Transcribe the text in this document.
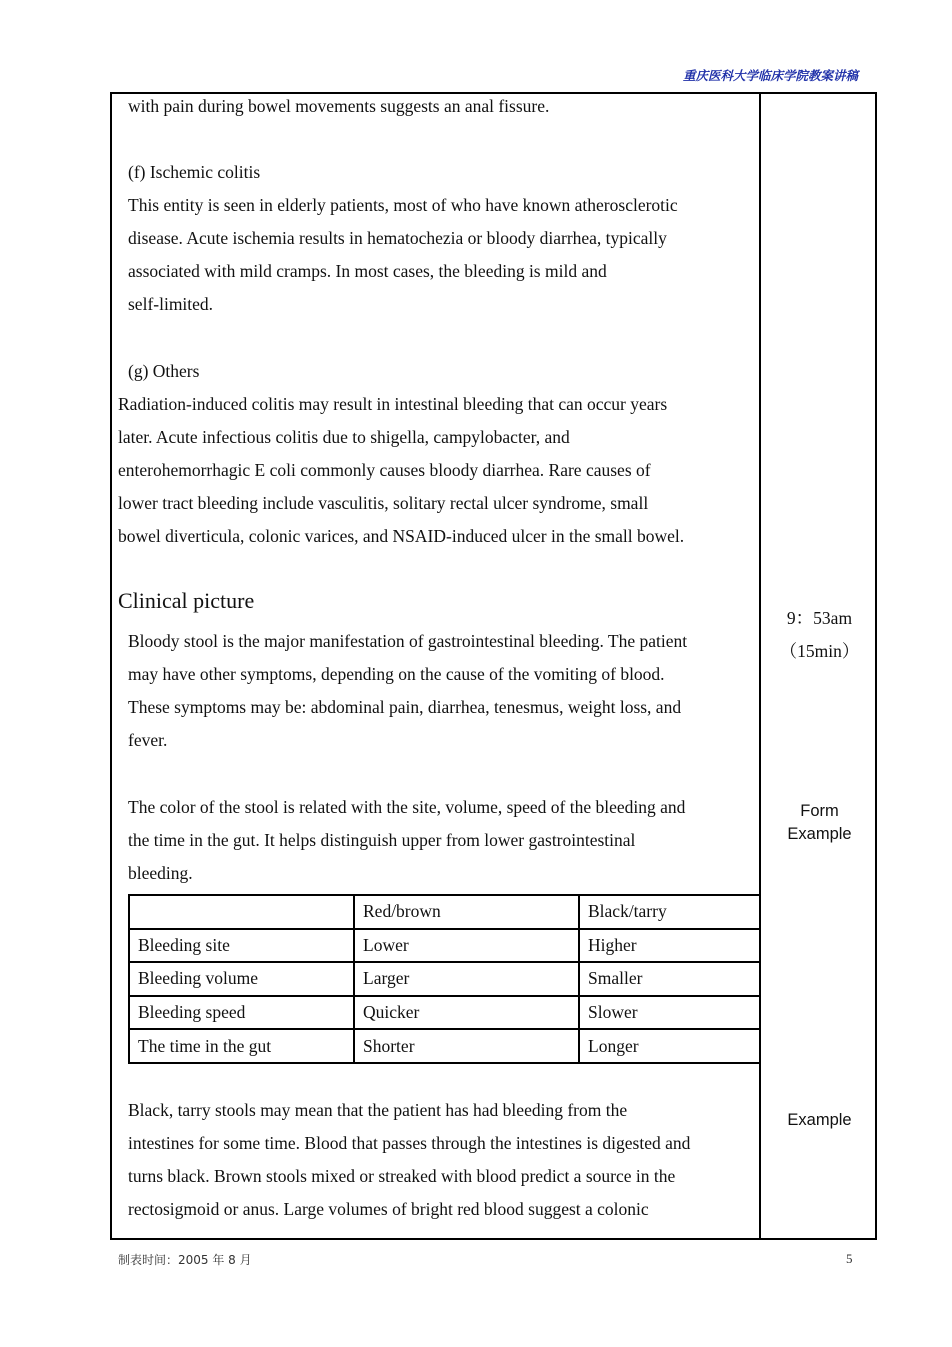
重庆医科大学临床学院教案讲稿
with pain during bowel movements suggests an anal fissure.
(f) Ischemic colitis
This entity is seen in elderly patients, most of who have known atherosclerotic
disease. Acute ischemia results in hematochezia or bloody diarrhea, typically
associated with mild cramps. In most cases, the bleeding is mild and
self-limited.
(g) Others
Radiation-induced colitis may result in intestinal bleeding that can occur years
later. Acute infectious colitis due to shigella, campylobacter, and
enterohemorrhagic E coli commonly causes bloody diarrhea. Rare causes of
lower tract bleeding include vasculitis, solitary rectal ulcer syndrome, small
bowel diverticula, colonic varices, and NSAID-induced ulcer in the small bowel.
Clinical picture
Bloody stool is the major manifestation of gastrointestinal bleeding. The patient
may have other symptoms, depending on the cause of the vomiting of blood.
These symptoms may be: abdominal pain, diarrhea, tenesmus, weight loss, and
fever.
The color of the stool is related with the site, volume, speed of the bleeding and
the time in the gut. It helps distinguish upper from lower gastrointestinal
bleeding.
	Red/brown	Black/tarry
Bleeding site	Lower	Higher
Bleeding volume	Larger	Smaller
Bleeding speed	Quicker	Slower
The time in the gut	Shorter	Longer
Black, tarry stools may mean that the patient has had bleeding from the
intestines for some time. Blood that passes through the intestines is digested and
turns black. Brown stools mixed or streaked with blood predict a source in the
rectosigmoid or anus. Large volumes of bright red blood suggest a colonic
9：53am
（15min）
Form
Example
Example
制表时间：2005 年 8 月	5
